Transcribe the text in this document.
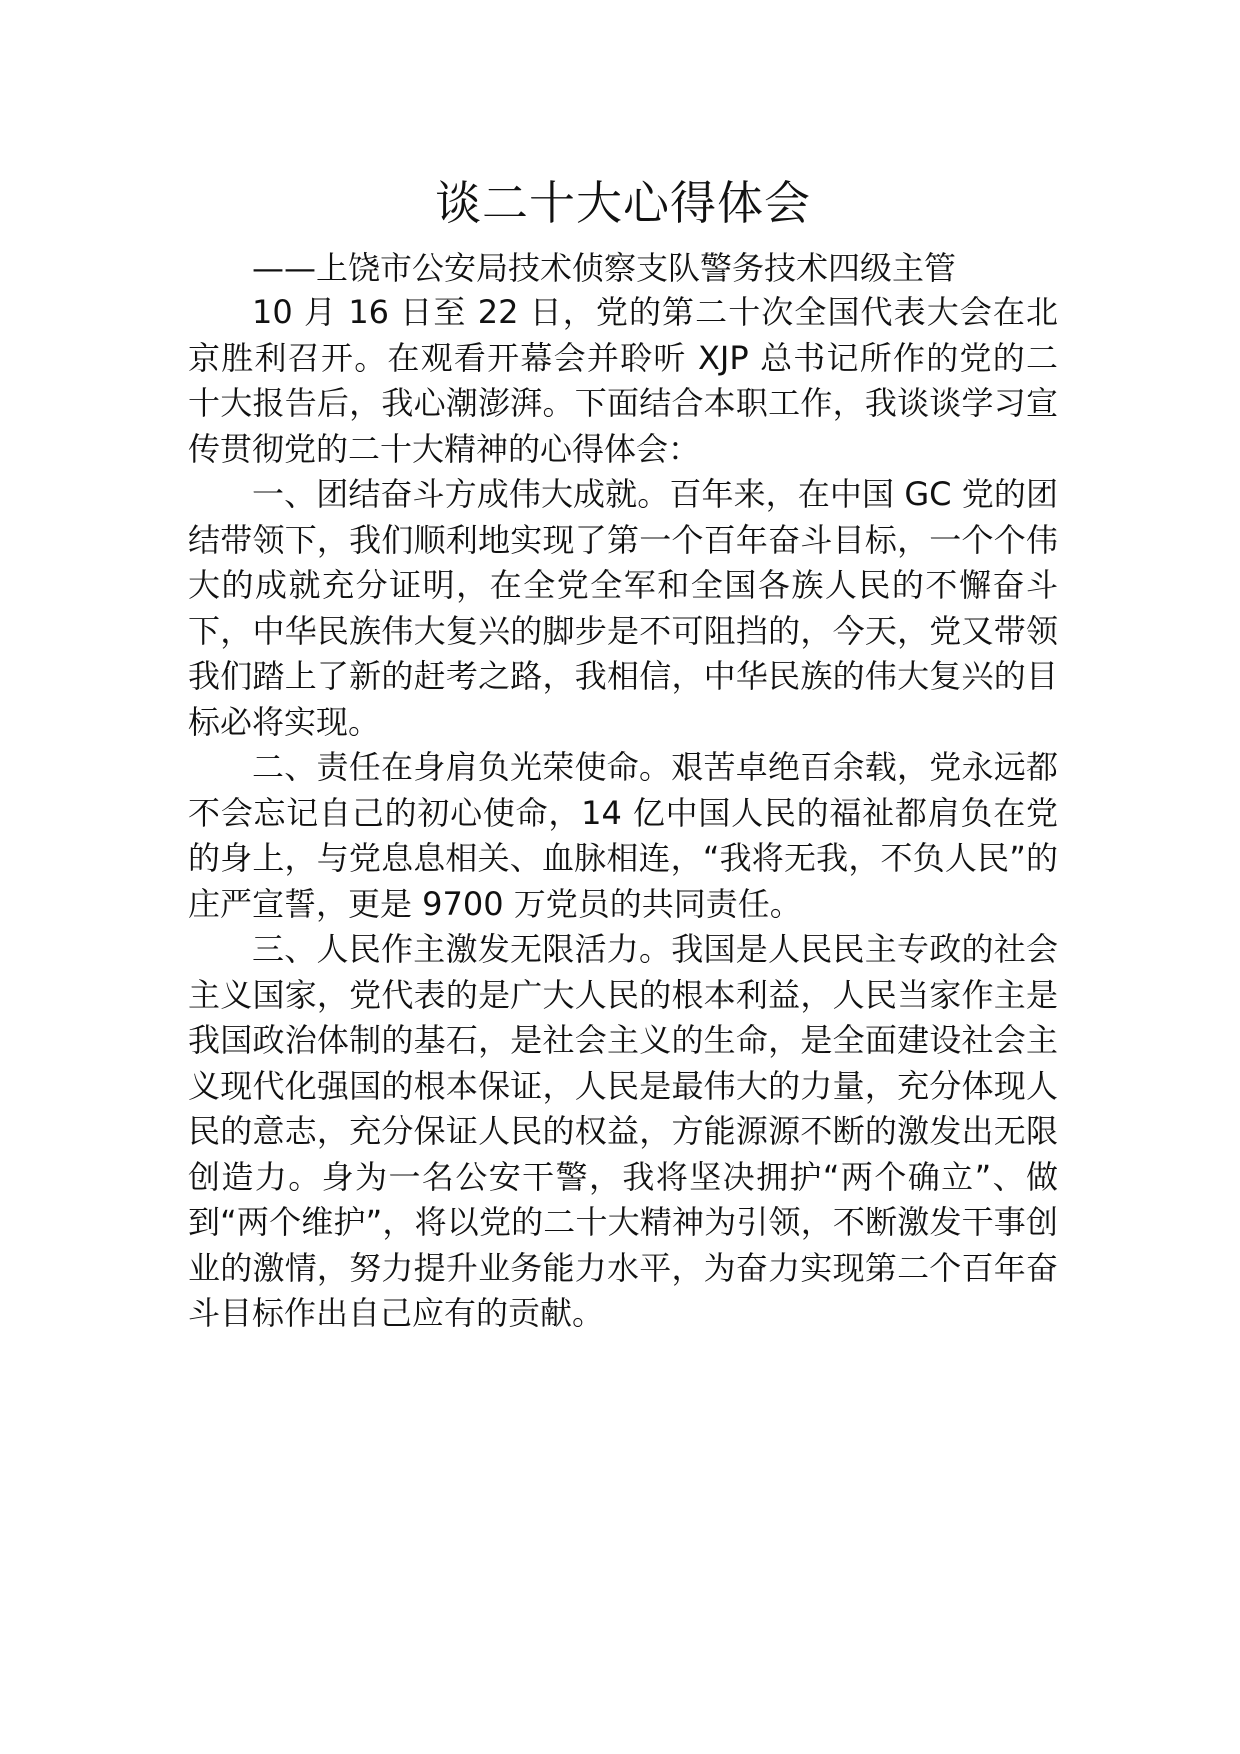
谈二十大心得体会

——上饶市公安局技术侦察支队警务技术四级主管

10 月 16 日至 22 日，党的第二十次全国代表大会在北京胜利召开。在观看开幕会并聆听 XJP 总书记所作的党的二十大报告后，我心潮澎湃。下面结合本职工作，我谈谈学习宣传贯彻党的二十大精神的心得体会：

一、团结奋斗方成伟大成就。百年来，在中国 GC 党的团结带领下，我们顺利地实现了第一个百年奋斗目标，一个个伟大的成就充分证明，在全党全军和全国各族人民的不懈奋斗下，中华民族伟大复兴的脚步是不可阻挡的，今天，党又带领我们踏上了新的赶考之路，我相信，中华民族的伟大复兴的目标必将实现。

二、责任在身肩负光荣使命。艰苦卓绝百余载，党永远都不会忘记自己的初心使命，14 亿中国人民的福祉都肩负在党的身上，与党息息相关、血脉相连，“我将无我，不负人民”的庄严宣誓，更是 9700 万党员的共同责任。

三、人民作主激发无限活力。我国是人民民主专政的社会主义国家，党代表的是广大人民的根本利益，人民当家作主是我国政治体制的基石，是社会主义的生命，是全面建设社会主义现代化强国的根本保证，人民是最伟大的力量，充分体现人民的意志，充分保证人民的权益，方能源源不断的激发出无限创造力。身为一名公安干警，我将坚决拥护“两个确立”、做到“两个维护”，将以党的二十大精神为引领，不断激发干事创业的激情，努力提升业务能力水平，为奋力实现第二个百年奋斗目标作出自己应有的贡献。
